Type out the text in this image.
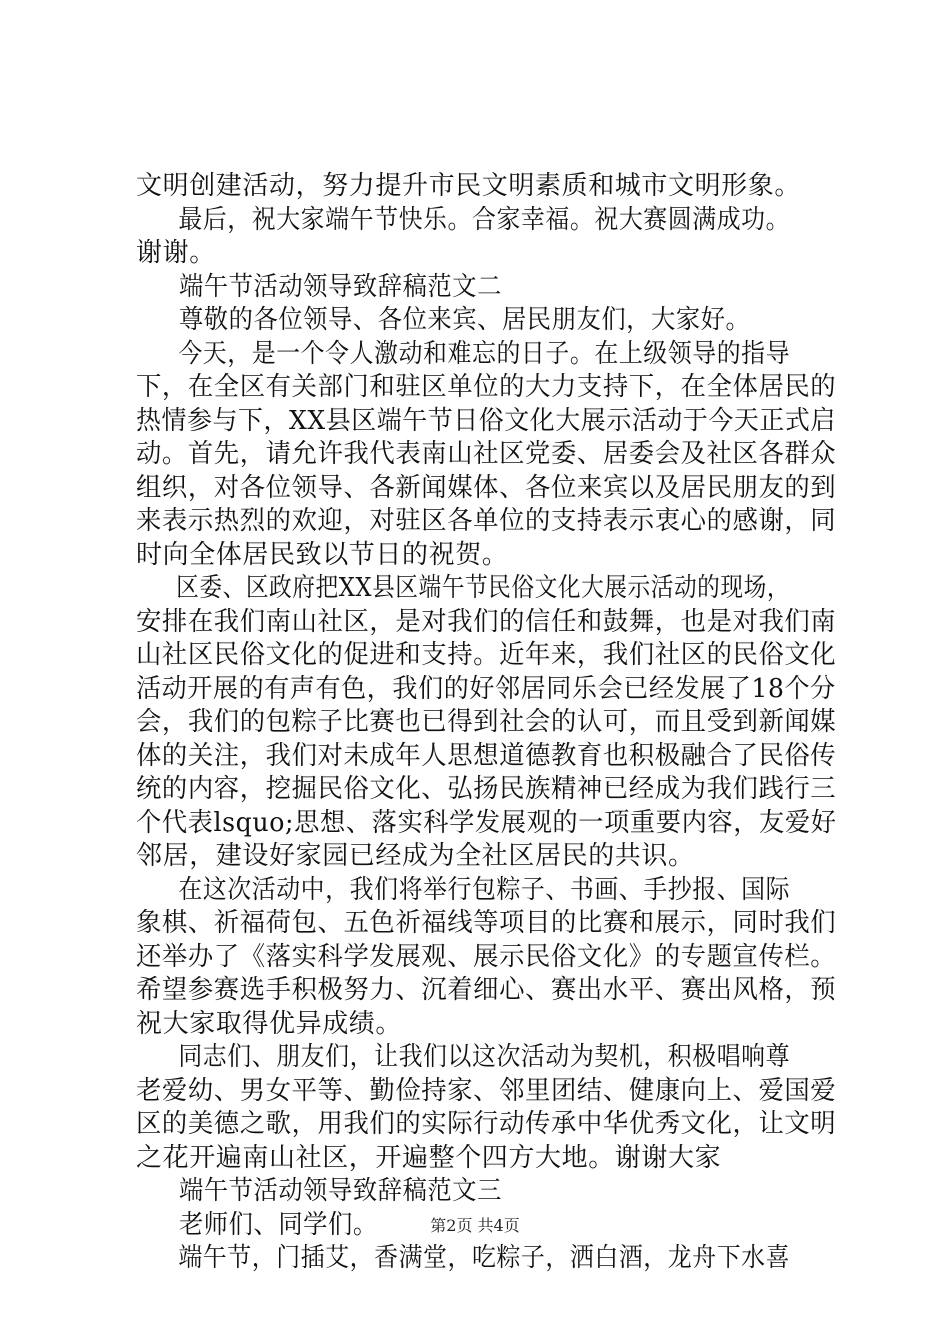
文明创建活动，努力提升市民文明素质和城市文明形象。
最后，祝大家端午节快乐。合家幸福。祝大赛圆满成功。
谢谢。
端午节活动领导致辞稿范文二
尊敬的各位领导、各位来宾、居民朋友们，大家好。
今天，是一个令人激动和难忘的日子。在上级领导的指导
下，在全区有关部门和驻区单位的大力支持下，在全体居民的
热情参与下，XX县区端午节日俗文化大展示活动于今天正式启
动。首先，请允许我代表南山社区党委、居委会及社区各群众
组织，对各位领导、各新闻媒体、各位来宾以及居民朋友的到
来表示热烈的欢迎，对驻区各单位的支持表示衷心的感谢，同
时向全体居民致以节日的祝贺。
区委、区政府把XX县区端午节民俗文化大展示活动的现场，
安排在我们南山社区，是对我们的信任和鼓舞，也是对我们南
山社区民俗文化的促进和支持。近年来，我们社区的民俗文化
活动开展的有声有色，我们的好邻居同乐会已经发展了18个分
会，我们的包粽子比赛也已得到社会的认可，而且受到新闻媒
体的关注，我们对未成年人思想道德教育也积极融合了民俗传
统的内容，挖掘民俗文化、弘扬民族精神已经成为我们践行三
个代表lsquo;思想、落实科学发展观的一项重要内容，友爱好
邻居，建设好家园已经成为全社区居民的共识。
在这次活动中，我们将举行包粽子、书画、手抄报、国际
象棋、祈福荷包、五色祈福线等项目的比赛和展示，同时我们
还举办了《落实科学发展观、展示民俗文化》的专题宣传栏。
希望参赛选手积极努力、沉着细心、赛出水平、赛出风格，预
祝大家取得优异成绩。
同志们、朋友们，让我们以这次活动为契机，积极唱响尊
老爱幼、男女平等、勤俭持家、邻里团结、健康向上、爱国爱
区的美德之歌，用我们的实际行动传承中华优秀文化，让文明
之花开遍南山社区，开遍整个四方大地。谢谢大家
端午节活动领导致辞稿范文三
老师们、同学们。
端午节，门插艾，香满堂，吃粽子，洒白酒，龙舟下水喜
第2页 共4页
